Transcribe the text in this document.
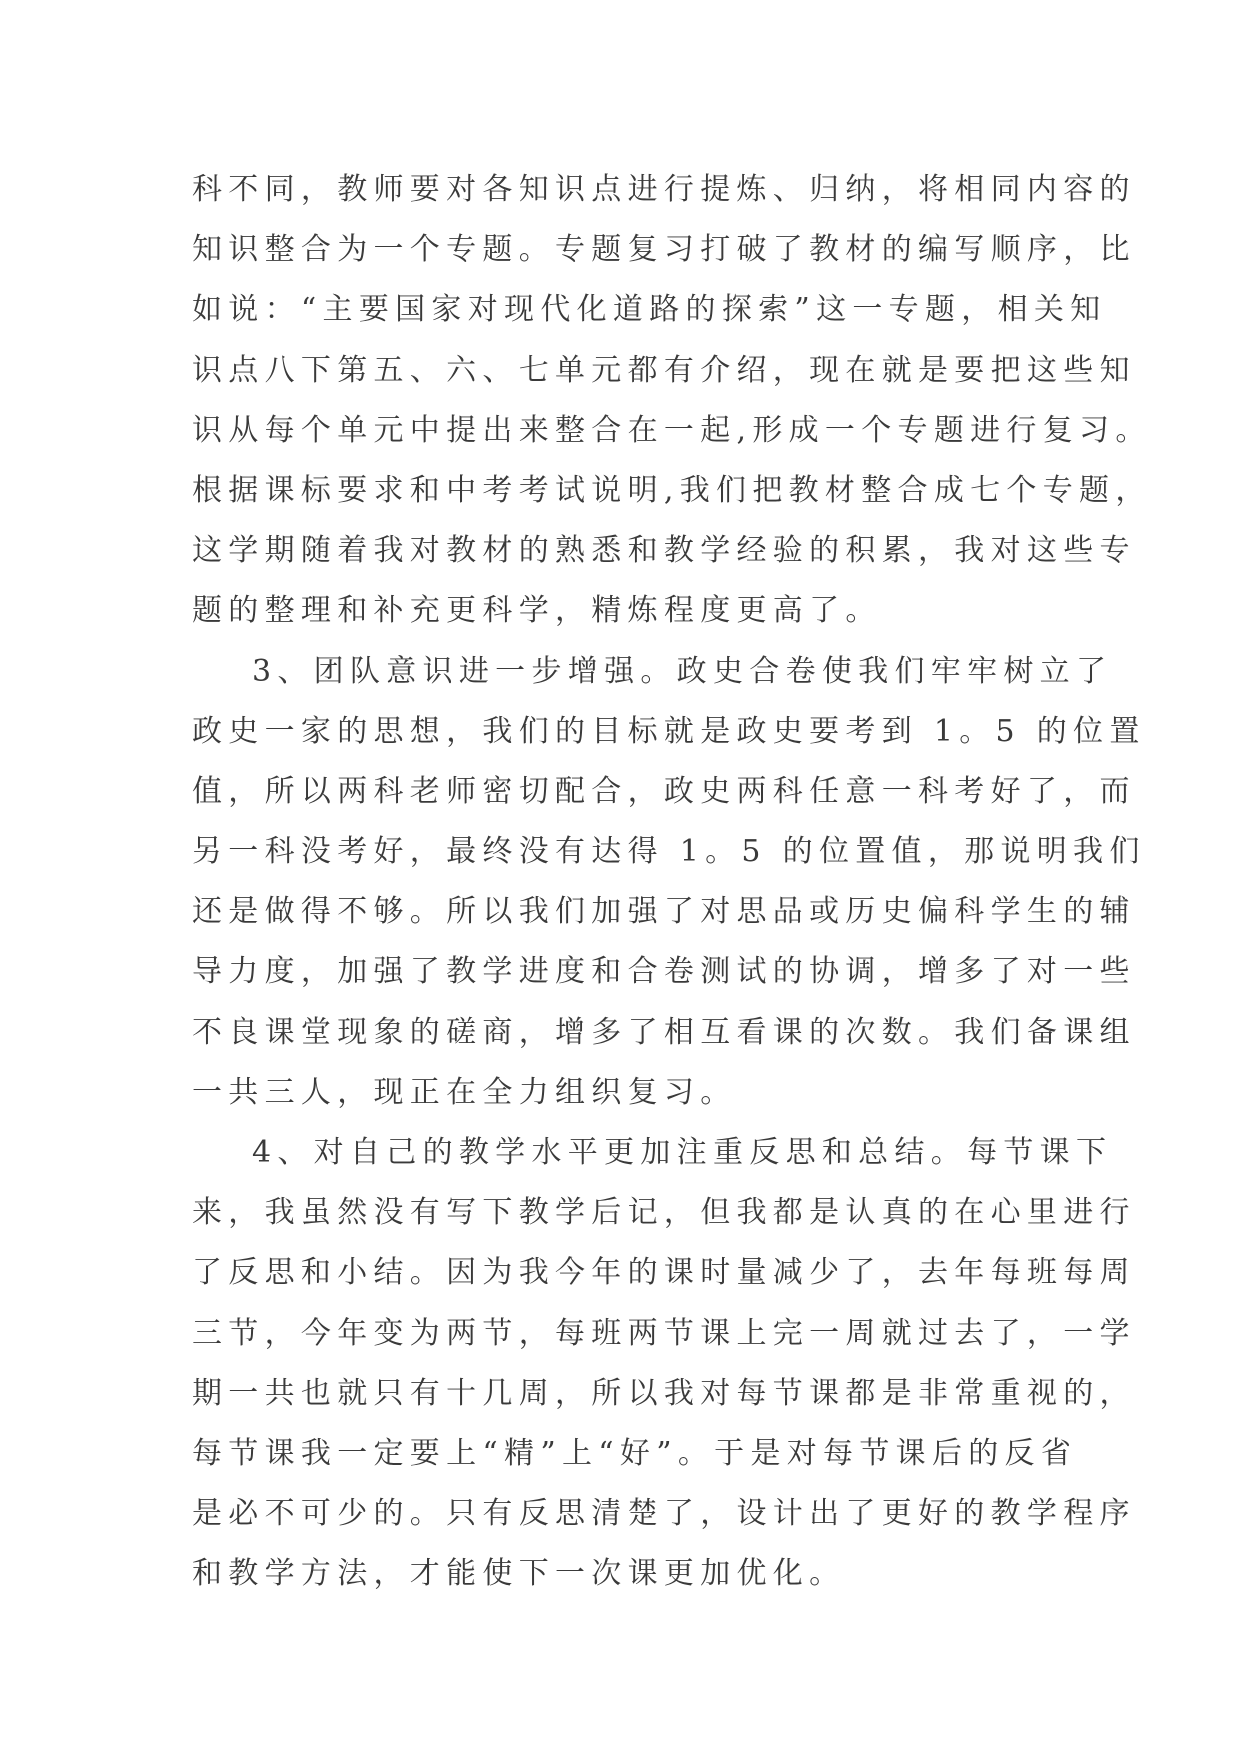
科不同，教师要对各知识点进行提炼、归纳，将相同内容的
知识整合为一个专题。专题复习打破了教材的编写顺序，比
如说：“主要国家对现代化道路的探索”这一专题，相关知
识点八下第五、六、七单元都有介绍，现在就是要把这些知
识从每个单元中提出来整合在一起,形成一个专题进行复习。
根据课标要求和中考考试说明,我们把教材整合成七个专题，
这学期随着我对教材的熟悉和教学经验的积累，我对这些专
题的整理和补充更科学，精炼程度更高了。
3、团队意识进一步增强。政史合卷使我们牢牢树立了
政史一家的思想，我们的目标就是政史要考到 1。5 的位置
值，所以两科老师密切配合，政史两科任意一科考好了，而
另一科没考好，最终没有达得 1。5 的位置值，那说明我们
还是做得不够。所以我们加强了对思品或历史偏科学生的辅
导力度，加强了教学进度和合卷测试的协调，增多了对一些
不良课堂现象的磋商，增多了相互看课的次数。我们备课组
一共三人，现正在全力组织复习。
4、对自己的教学水平更加注重反思和总结。每节课下
来，我虽然没有写下教学后记，但我都是认真的在心里进行
了反思和小结。因为我今年的课时量减少了，去年每班每周
三节，今年变为两节，每班两节课上完一周就过去了，一学
期一共也就只有十几周，所以我对每节课都是非常重视的，
每节课我一定要上“精”上“好”。于是对每节课后的反省
是必不可少的。只有反思清楚了，设计出了更好的教学程序
和教学方法，才能使下一次课更加优化。
